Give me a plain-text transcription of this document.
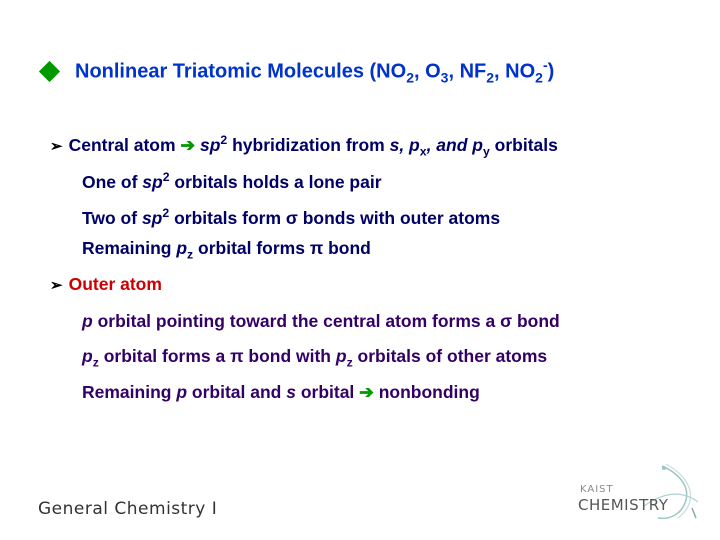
Nonlinear Triatomic Molecules ($NO_2$, $O_3$, $NF_2$, $NO_2^-$)
➢ Central atom ➔ $sp^2$ hybridization from s, $p_x$, and $p_y$ orbitals
One of $sp^2$ orbitals holds a lone pair
Two of $sp^2$ orbitals form σ bonds with outer atoms
Remaining $p_z$ orbital forms π bond
➢ Outer atom
p orbital pointing toward the central atom forms a σ bond
$p_z$ orbital forms a π bond with $p_z$ orbitals of other atoms
Remaining p orbital and s orbital ➔ nonbonding
General Chemistry I
KAIST
CHEMISTRY
